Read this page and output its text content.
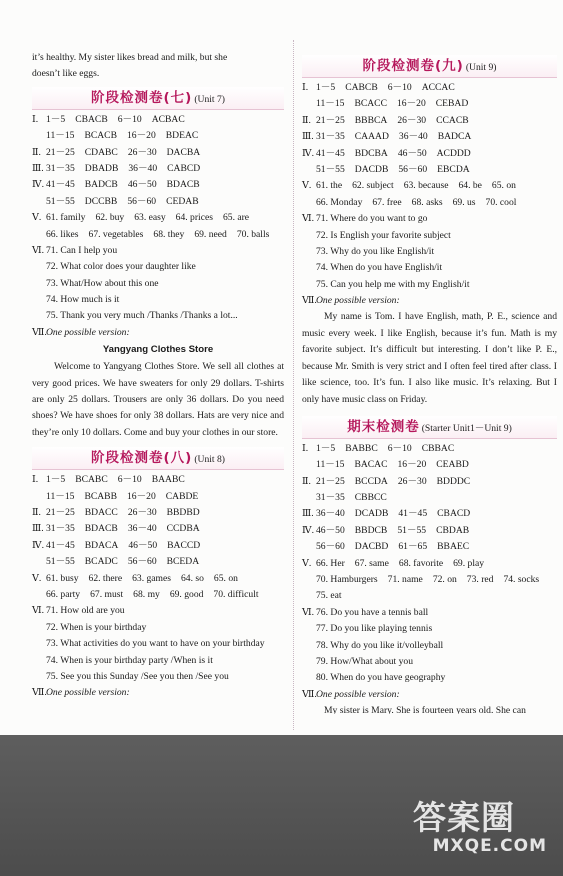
it’s healthy. My sister likes bread and milk, but she
doesn’t like eggs.
阶段检测卷(七) (Unit 7)
Ⅰ. 1－5 CBACB 6－10 ACBAC
11－15 BCACB 16－20 BDEAC
Ⅱ. 21－25 CDABC 26－30 DACBA
Ⅲ. 31－35 DBADB 36－40 CABCD
Ⅳ. 41－45 BADCB 46－50 BDACB
51－55 DCCBB 56－60 CEDAB
Ⅴ. 61. family 62. buy 63. easy 64. prices 65. are
66. likes 67. vegetables 68. they 69. need 70. balls
Ⅵ. 71. Can I help you
72. What color does your daughter like
73. What/How about this one
74. How much is it
75. Thank you very much /Thanks /Thanks a lot...
Ⅶ.One possible version:
Yangyang Clothes Store

Welcome to Yangyang Clothes Store. We sell all clothes at very good prices. We have sweaters for only 29 dollars. T-shirts are only 25 dollars. Trousers are only 36 dollars. Do you need shoes? We have shoes for only 38 dollars. Hats are very nice and they’re only 10 dollars. Come and buy your clothes in our store.

阶段检测卷(八) (Unit 8)
Ⅰ. 1－5 BCABC 6－10 BAABC
11－15 BCABB 16－20 CABDE
Ⅱ. 21－25 BDACC 26－30 BBDBD
Ⅲ. 31－35 BDACB 36－40 CCDBA
Ⅳ. 41－45 BDACA 46－50 BACCD
51－55 BCADC 56－60 BCEDA
Ⅴ. 61. busy 62. there 63. games 64. so 65. on
66. party 67. must 68. my 69. good 70. difficult
Ⅵ. 71. How old are you
72. When is your birthday
73. What activities do you want to have on your birthday
74. When is your birthday party /When is it
75. See you this Sunday /See you then /See you
Ⅶ.One possible version:
阶段检测卷(九) (Unit 9)
Ⅰ. 1－5 CABCB 6－10 ACCAC
11－15 BCACC 16－20 CEBAD
Ⅱ. 21－25 BBBCA 26－30 CCACB
Ⅲ. 31－35 CAAAD 36－40 BADCA
Ⅳ. 41－45 BDCBA 46－50 ACDDD
51－55 DACDB 56－60 EBCDA
Ⅴ. 61. the 62. subject 63. because 64. be 65. on
66. Monday 67. free 68. asks 69. us 70. cool
Ⅵ. 71. Where do you want to go
72. Is English your favorite subject
73. Why do you like English/it
74. When do you have English/it
75. Can you help me with my English/it
Ⅶ.One possible version:

My name is Tom. I have English, math, P. E., science and music every week. I like English, because it’s fun. Math is my favorite subject. It’s difficult but interesting. I don’t like P. E., because Mr. Smith is very strict and I often feel tired after class. I like science, too. It’s fun. I also like music. It’s relaxing. But I only have music class on Friday.

期末检测卷 (Starter Unit1－Unit 9)
Ⅰ. 1－5 BABBC 6－10 CBBAC
11－15 BACAC 16－20 CEABD
Ⅱ. 21－25 BCCDA 26－30 BDDDC
31－35 CBBCC
Ⅲ. 36－40 DCADB 41－45 CBACD
Ⅳ. 46－50 BBDCB 51－55 CBDAB
56－60 DACBD 61－65 BBAEC
Ⅴ. 66. Her 67. same 68. favorite 69. play
70. Hamburgers 71. name 72. on 73. red 74. socks
75. eat
Ⅵ. 76. Do you have a tennis ball
77. Do you like playing tennis
78. Why do you like it/volleyball
79. How/What about you
80. When do you have geography
Ⅶ.One possible version:

My sister is Mary. She is fourteen years old. She can

答案圈
MXQE.COM
